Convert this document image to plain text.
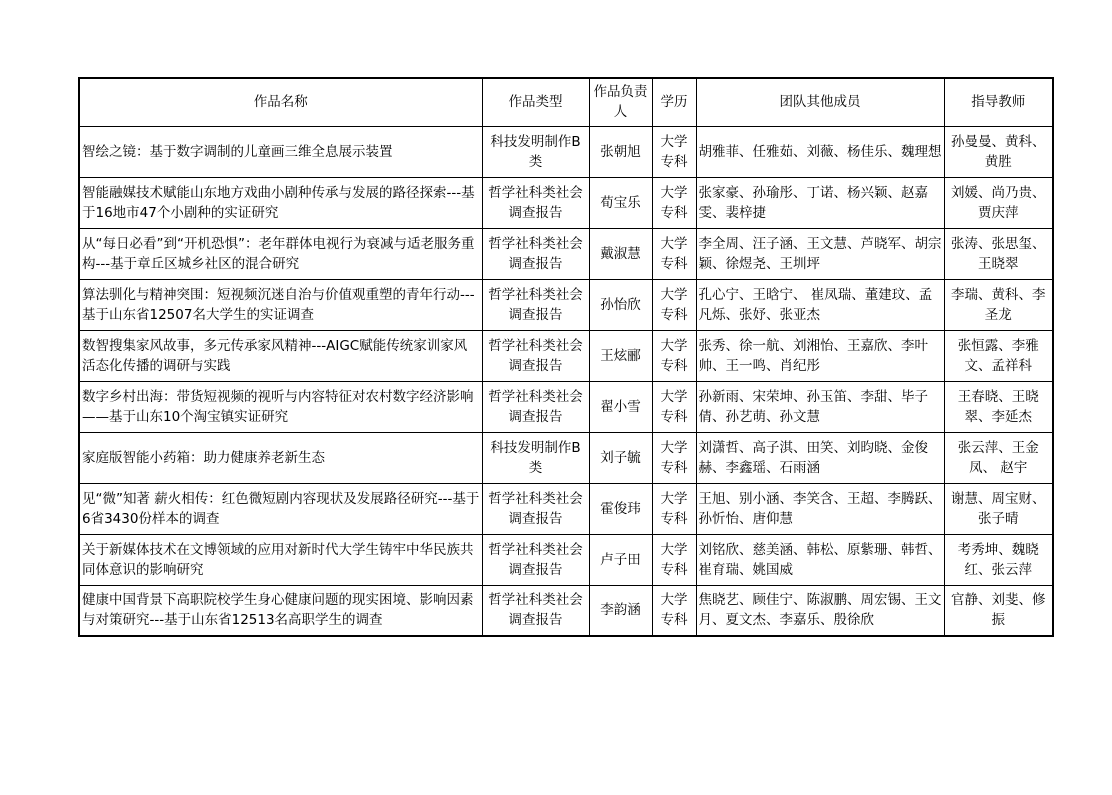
作品名称	作品类型	作品负责人	学历	团队其他成员	指导教师
智绘之镜：基于数字调制的儿童画三维全息展示装置	科技发明制作B类	张朝旭	大学专科	胡雅菲、任雅茹、刘薇、杨佳乐、魏理想	孙曼曼、黄科、黄胜
智能融媒技术赋能山东地方戏曲小剧种传承与发展的路径探索---基于16地市47个小剧种的实证研究	哲学社科类社会调查报告	荀宝乐	大学专科	张家豪、孙瑜彤、丁诺、杨兴颖、赵嘉雯、裴梓捷	刘媛、尚乃贵、贾庆萍
从“每日必看”到“开机恐惧”：老年群体电视行为衰减与适老服务重构---基于章丘区城乡社区的混合研究	哲学社科类社会调查报告	戴淑慧	大学专科	李全周、汪子涵、王文慧、芦晓军、胡宗颖、徐煜尧、王圳坪	张涛、张思玺、王晓翠
算法驯化与精神突围：短视频沉迷自治与价值观重塑的青年行动---基于山东省12507名大学生的实证调查	哲学社科类社会调查报告	孙怡欣	大学专科	孔心宁、王晗宁、 崔凤瑞、董建玟、孟凡烁、张妤、张亚杰	李瑞、黄科、李圣龙
数智搜集家风故事，多元传承家风精神---AIGC赋能传统家训家风活态化传播的调研与实践	哲学社科类社会调查报告	王炫郦	大学专科	张秀、徐一航、刘湘怡、王嘉欣、李叶帅、王一鸣、肖纪彤	张恒露、李雅文、孟祥科
数字乡村出海：带货短视频的视听与内容特征对农村数字经济影响——基于山东10个淘宝镇实证研究	哲学社科类社会调查报告	翟小雪	大学专科	孙新雨、宋荣坤、孙玉笛、李甜、毕子倩、孙艺萌、孙文慧	王春晓、王晓翠、李延杰
家庭版智能小药箱：助力健康养老新生态	科技发明制作B类	刘子毓	大学专科	刘潇哲、高子淇、田笑、刘昀晓、金俊赫、李鑫瑶、石雨涵	张云萍、王金凤、 赵宇
见“微”知著 薪火相传：红色微短剧内容现状及发展路径研究---基于6省3430份样本的调查	哲学社科类社会调查报告	霍俊玮	大学专科	王旭、别小涵、李笑含、王超、李腾跃、孙忻怡、唐仰慧	谢慧、周宝财、张子晴
关于新媒体技术在文博领域的应用对新时代大学生铸牢中华民族共同体意识的影响研究	哲学社科类社会调查报告	卢子田	大学专科	刘铭欣、慈美涵、韩松、原紫珊、韩哲、崔育瑞、姚国威	考秀坤、魏晓红、张云萍
健康中国背景下高职院校学生身心健康问题的现实困境、影响因素与对策研究---基于山东省12513名高职学生的调查	哲学社科类社会调查报告	李韵涵	大学专科	焦晓艺、顾佳宁、陈淑鹏、周宏锡、王文月、夏文杰、李嘉乐、殷徐欣	官静、刘斐、修振
